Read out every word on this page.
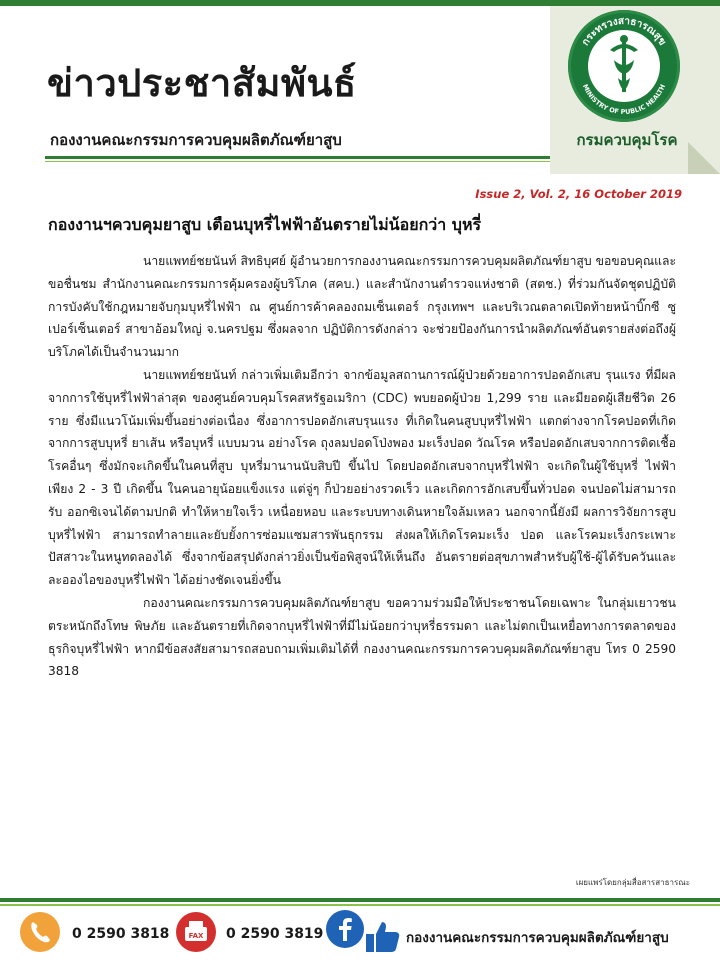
ข่าวประชาสัมพันธ์
กองงานคณะกรรมการควบคุมผลิตภัณฑ์ยาสูบ
กระทรวงสาธารณสุข
MINISTRY OF PUBLIC HEALTH
กรมควบคุมโรค
Issue 2, Vol. 2, 16 October 2019
กองงานฯควบคุมยาสูบ เตือนบุหรี่ไฟฟ้าอันตรายไม่น้อยกว่า บุหรี่

นายแพทย์ชยนันท์ สิทธิบุศย์ ผู้อำนวยการกองงานคณะกรรมการควบคุมผลิตภัณฑ์ยาสูบ ขอขอบคุณและขอชื่นชม สำนักงานคณะกรรมการคุ้มครองผู้บริโภค (สคบ.) และสำนักงานตำรวจแห่งชาติ (สตช.) ที่ร่วมกันจัดชุดปฏิบัติการบังคับใช้กฎหมายจับกุมบุหรี่ไฟฟ้า ณ ศูนย์การค้าคลองถมเซ็นเตอร์ กรุงเทพฯ และบริเวณตลาดเปิดท้ายหน้าบิ๊กซี ซูเปอร์เซ็นเตอร์ สาขาอ้อมใหญ่ จ.นครปฐม ซึ่งผลจาก ปฏิบัติการดังกล่าว จะช่วยป้องกันการนำผลิตภัณฑ์อันตรายส่งต่อถึงผู้บริโภคได้เป็นจำนวนมาก

นายแพทย์ชยนันท์ กล่าวเพิ่มเติมอีกว่า จากข้อมูลสถานการณ์ผู้ป่วยด้วยอาการปอดอักเสบ รุนแรง ที่มีผลจากการใช้บุหรี่ไฟฟ้าล่าสุด ของศูนย์ควบคุมโรคสหรัฐอเมริกา (CDC) พบยอดผู้ป่วย 1,299 ราย และมียอดผู้เสียชีวิต 26 ราย ซึ่งมีแนวโน้มเพิ่มขึ้นอย่างต่อเนื่อง ซึ่งอาการปอดอักเสบรุนแรง ที่เกิดในคนสูบบุหรี่ไฟฟ้า แตกต่างจากโรคปอดที่เกิดจากการสูบบุหรี่ ยาเส้น หรือบุหรี่ แบบมวน อย่างโรค ถุงลมปอดโป่งพอง มะเร็งปอด วัณโรค หรือปอดอักเสบจากการติดเชื้อโรคอื่นๆ ซึ่งมักจะเกิดขึ้นในคนที่สูบ บุหรี่มานานนับสิบปี ขึ้นไป โดยปอดอักเสบจากบุหรี่ไฟฟ้า จะเกิดในผู้ใช้บุหรี่ ไฟฟ้าเพียง 2 - 3 ปี เกิดขึ้น ในคนอายุน้อยแข็งแรง แต่จู่ๆ ก็ป่วยอย่างรวดเร็ว และเกิดการอักเสบขึ้นทั่วปอด จนปอดไม่สามารถรับ ออกซิเจนได้ตามปกติ ทำให้หายใจเร็ว เหนื่อยหอบ และระบบทางเดินหายใจล้มเหลว นอกจากนี้ยังมี ผลการวิจัยการสูบบุหรี่ไฟฟ้า สามารถทำลายและยับยั้งการซ่อมแซมสารพันธุกรรม ส่งผลให้เกิดโรคมะเร็ง ปอด และโรคมะเร็งกระเพาะปัสสาวะในหนูทดลองได้ ซึ่งจากข้อสรุปดังกล่าวยิ่งเป็นข้อพิสูจน์ให้เห็นถึง อันตรายต่อสุขภาพสำหรับผู้ใช้-ผู้ได้รับควันและละอองไอของบุหรี่ไฟฟ้า ได้อย่างชัดเจนยิ่งขึ้น

กองงานคณะกรรมการควบคุมผลิตภัณฑ์ยาสูบ ขอความร่วมมือให้ประชาชนโดยเฉพาะ ในกลุ่มเยาวชนตระหนักถึงโทษ พิษภัย และอันตรายที่เกิดจากบุหรี่ไฟฟ้าที่มีไม่น้อยกว่าบุหรี่ธรรมดา และไม่ตกเป็นเหยื่อทางการตลาดของธุรกิจบุหรี่ไฟฟ้า หากมีข้อสงสัยสามารถสอบถามเพิ่มเติมได้ที่ กองงานคณะกรรมการควบคุมผลิตภัณฑ์ยาสูบ โทร 0 2590 3818

เผยแพร่โดยกลุ่มสื่อสารสาธารณะ
0 2590 3818	FAX 0 2590 3819	กองงานคณะกรรมการควบคุมผลิตภัณฑ์ยาสูบ
